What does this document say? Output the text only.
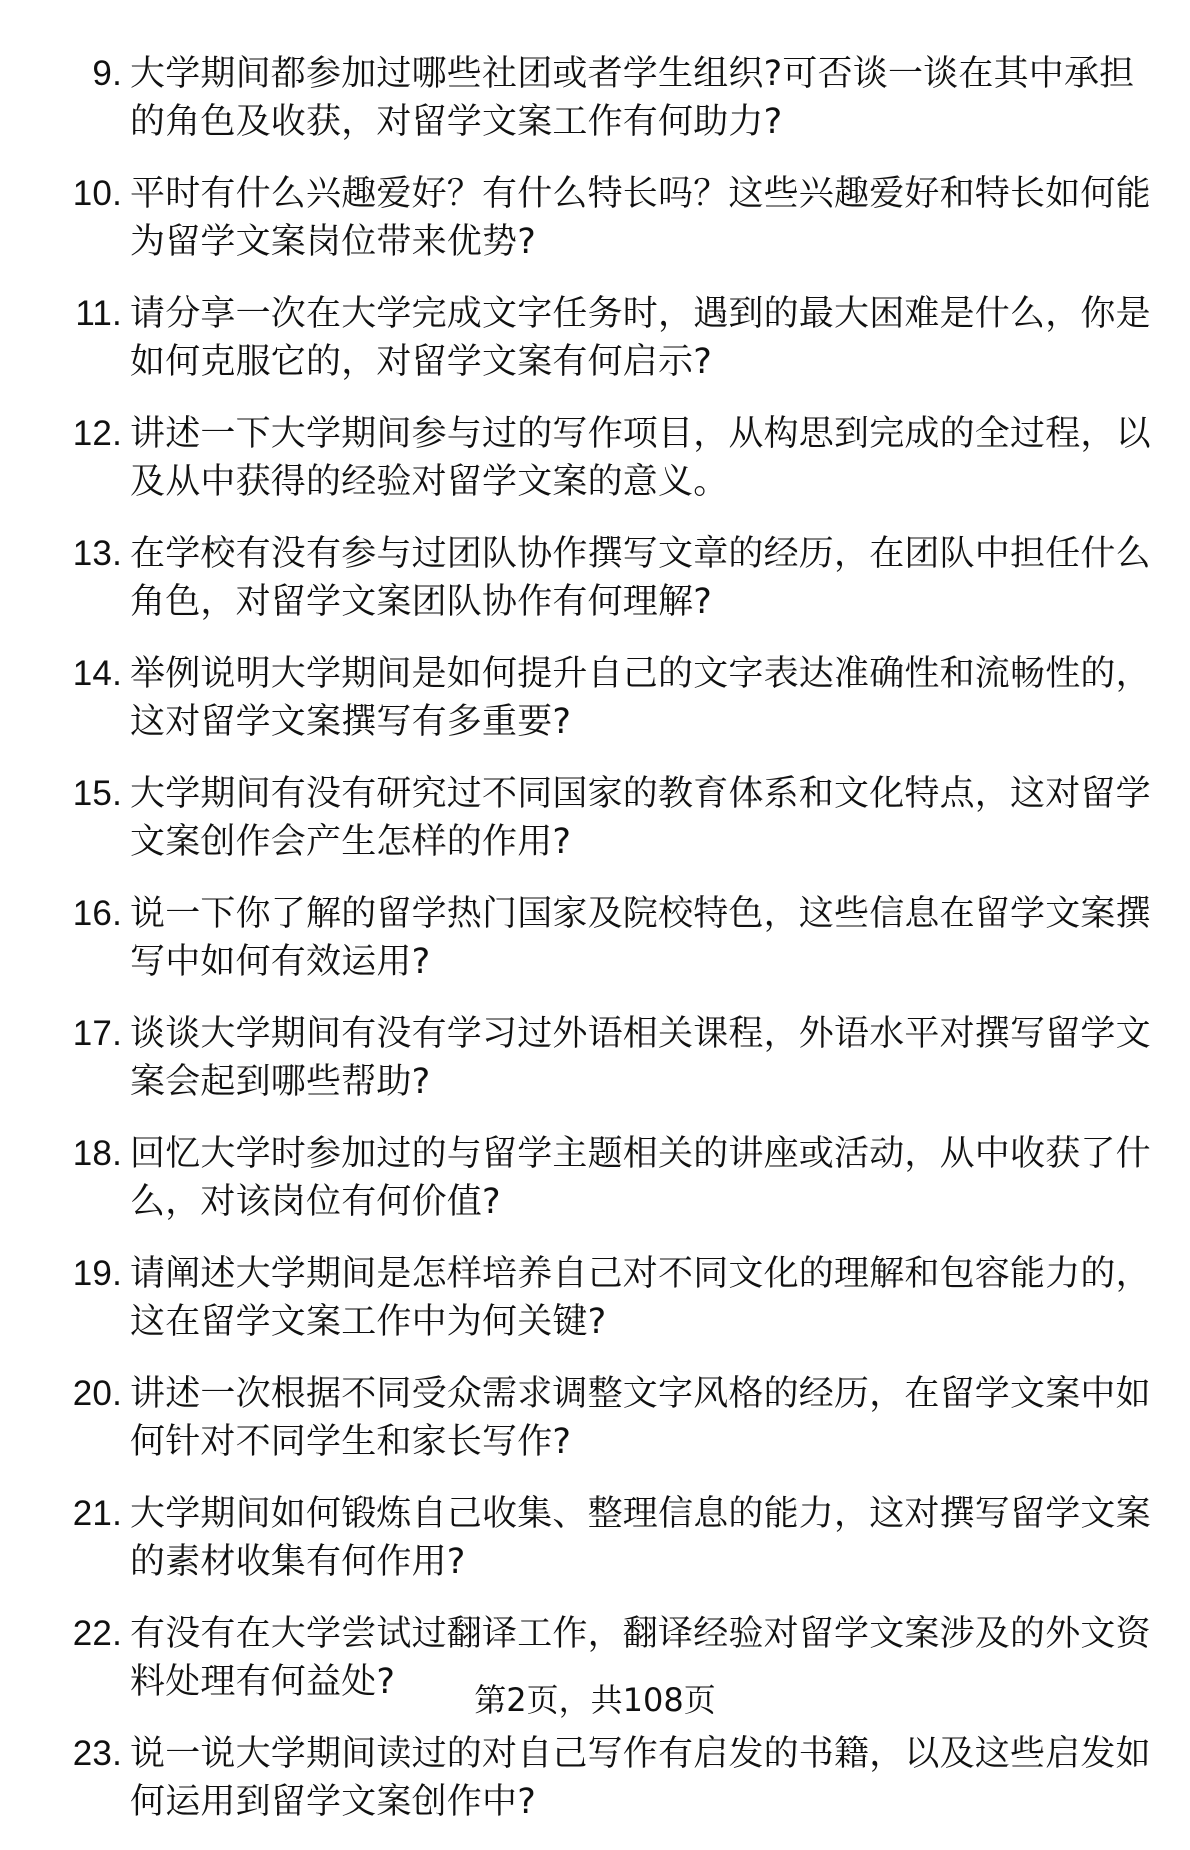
9. 大学期间都参加过哪些社团或者学生组织?可否谈一谈在其中承担的角色及收获，对留学文案工作有何助力?
10. 平时有什么兴趣爱好？有什么特长吗？这些兴趣爱好和特长如何能为留学文案岗位带来优势?
11. 请分享一次在大学完成文字任务时，遇到的最大困难是什么，你是如何克服它的，对留学文案有何启示?
12. 讲述一下大学期间参与过的写作项目，从构思到完成的全过程，以及从中获得的经验对留学文案的意义。
13. 在学校有没有参与过团队协作撰写文章的经历，在团队中担任什么角色，对留学文案团队协作有何理解?
14. 举例说明大学期间是如何提升自己的文字表达准确性和流畅性的，这对留学文案撰写有多重要?
15. 大学期间有没有研究过不同国家的教育体系和文化特点，这对留学文案创作会产生怎样的作用?
16. 说一下你了解的留学热门国家及院校特色，这些信息在留学文案撰写中如何有效运用?
17. 谈谈大学期间有没有学习过外语相关课程，外语水平对撰写留学文案会起到哪些帮助?
18. 回忆大学时参加过的与留学主题相关的讲座或活动，从中收获了什么，对该岗位有何价值?
19. 请阐述大学期间是怎样培养自己对不同文化的理解和包容能力的，这在留学文案工作中为何关键?
20. 讲述一次根据不同受众需求调整文字风格的经历，在留学文案中如何针对不同学生和家长写作?
21. 大学期间如何锻炼自己收集、整理信息的能力，这对撰写留学文案的素材收集有何作用?
22. 有没有在大学尝试过翻译工作，翻译经验对留学文案涉及的外文资料处理有何益处?
23. 说一说大学期间读过的对自己写作有启发的书籍，以及这些启发如何运用到留学文案创作中?
第2页，共108页
